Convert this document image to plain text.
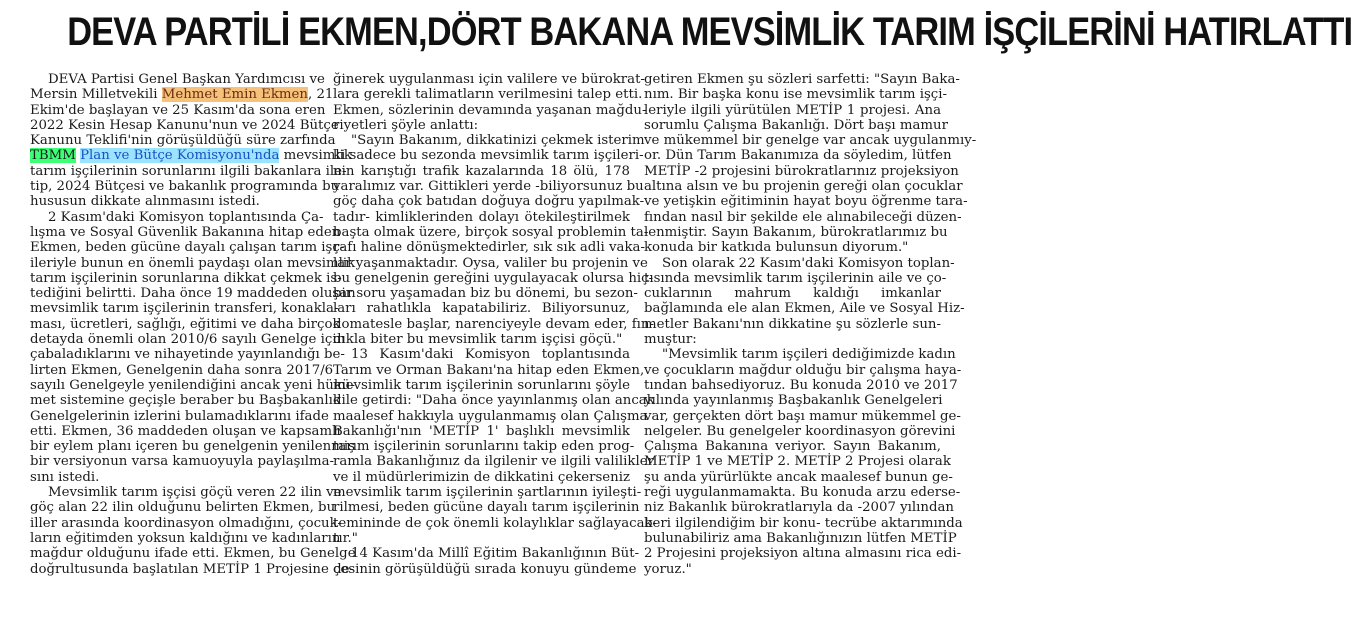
DEVA PARTİLİ EKMEN,DÖRT BAKANA MEVSİMLİK TARIM İŞÇİLERİNİ HATIRLATTI
DEVA Partisi Genel Başkan Yardımcısı ve
Mersin Milletvekili Mehmet Emin Ekmen, 21
Ekim'de başlayan ve 25 Kasım'da sona eren
2022 Kesin Hesap Kanunu'nun ve 2024 Bütçe
Kanunu Teklifi'nin görüşüldüğü süre zarfında
TBMM Plan ve Bütçe Komisyonu'nda mevsimlik
tarım işçilerinin sorunlarını ilgili bakanlara ile-
tip, 2024 Bütçesi ve bakanlık programında bu
hususun dikkate alınmasını istedi.
2 Kasım'daki Komisyon toplantısında Ça-
lışma ve Sosyal Güvenlik Bakanına hitap eden
Ekmen, beden gücüne dayalı çalışan tarım işç-
ileriyle bunun en önemli paydaşı olan mevsimlik
tarım işçilerinin sorunlarına dikkat çekmek is-
tediğini belirtti. Daha önce 19 maddeden oluşan
mevsimlik tarım işçilerinin transferi, konakla-
ması, ücretleri, sağlığı, eğitimi ve daha birçok
detayda önemli olan 2010/6 sayılı Genelge için
çabaladıklarını ve nihayetinde yayınlandığı be-
lirten Ekmen, Genelgenin daha sonra 2017/6
sayılı Genelgeyle yenilendiğini ancak yeni hükü-
met sistemine geçişle beraber bu Başbakanlık
Genelgelerinin izlerini bulamadıklarını ifade
etti. Ekmen, 36 maddeden oluşan ve kapsamlı
bir eylem planı içeren bu genelgenin yenilenmiş
bir versiyonun varsa kamuoyuyla paylaşılma-
sını istedi.
Mevsimlik tarım işçisi göçü veren 22 ilin ve
göç alan 22 ilin olduğunu belirten Ekmen, bu
iller arasında koordinasyon olmadığını, çocuk-
ların eğitimden yoksun kaldığını ve kadınların
mağdur olduğunu ifade etti. Ekmen, bu Genelge
doğrultusunda başlatılan METİP 1 Projesine de-
ğinerek uygulanması için valilere ve bürokrat-
lara gerekli talimatların verilmesini talep etti.
Ekmen, sözlerinin devamında yaşanan mağdu-
riyetleri şöyle anlattı:
"Sayın Bakanım, dikkatinizi çekmek isterim
ki sadece bu sezonda mevsimlik tarım işçileri-
nin karıştığı trafik kazalarında 18 ölü, 178
yaralımız var. Gittikleri yerde -biliyorsunuz bu
göç daha çok batıdan doğuya doğru yapılmak-
tadır- kimliklerinden dolayı ötekileştirilmek
başta olmak üzere, birçok sosyal problemin ta-
rafı haline dönüşmektedirler, sık sık adli vaka-
lar yaşanmaktadır. Oysa, valiler bu projenin ve
bu genelgenin gereğini uygulayacak olursa hiç-
bir soru yaşamadan biz bu dönemi, bu sezon-
ları rahatlıkla kapatabiliriz. Biliyorsunuz,
domatesle başlar, narenciyeyle devam eder, fın-
dıkla biter bu mevsimlik tarım işçisi göçü."
13 Kasım'daki Komisyon toplantısında
Tarım ve Orman Bakanı'na hitap eden Ekmen,
mevsimlik tarım işçilerinin sorunlarını şöyle
dile getirdi: "Daha önce yayınlanmış olan ancak
maalesef hakkıyla uygulanmamış olan Çalışma
Bakanlığı'nın 'METİP 1' başlıklı mevsimlik
tarım işçilerinin sorunlarını takip eden prog-
ramla Bakanlığınız da ilgilenir ve ilgili valilikler
ve il müdürlerimizin de dikkatini çekerseniz
mevsimlik tarım işçilerinin şartlarının iyileşti-
rilmesi, beden gücüne dayalı tarım işçilerinin
temininde de çok önemli kolaylıklar sağlayacak-
tır."
14 Kasım'da Millî Eğitim Bakanlığının Büt-
çesinin görüşüldüğü sırada konuyu gündeme
getiren Ekmen şu sözleri sarfetti: "Sayın Baka-
nım. Bir başka konu ise mevsimlik tarım işçi-
leriyle ilgili yürütülen METİP 1 projesi. Ana
sorumlu Çalışma Bakanlığı. Dört başı mamur
ve mükemmel bir genelge var ancak uygulanmıy-
or. Dün Tarım Bakanımıza da söyledim, lütfen
METİP -2 projesini bürokratlarınız projeksiyon
altına alsın ve bu projenin gereği olan çocuklar
ve yetişkin eğitiminin hayat boyu öğrenme tara-
fından nasıl bir şekilde ele alınabileceği düzen-
lenmiştir. Sayın Bakanım, bürokratlarımız bu
konuda bir katkıda bulunsun diyorum."
Son olarak 22 Kasım'daki Komisyon toplan-
tısında mevsimlik tarım işçilerinin aile ve ço-
cuklarının mahrum kaldığı imkanlar
bağlamında ele alan Ekmen, Aile ve Sosyal Hiz-
metler Bakanı'nın dikkatine şu sözlerle sun-
muştur:
"Mevsimlik tarım işçileri dediğimizde kadın
ve çocukların mağdur olduğu bir çalışma haya-
tından bahsediyoruz. Bu konuda 2010 ve 2017
yılında yayınlanmış Başbakanlık Genelgeleri
var, gerçekten dört başı mamur mükemmel ge-
nelgeler. Bu genelgeler koordinasyon görevini
Çalışma Bakanına veriyor. Sayın Bakanım,
METİP 1 ve METİP 2. METİP 2 Projesi olarak
şu anda yürürlükte ancak maalesef bunun ge-
reği uygulanmamakta. Bu konuda arzu ederse-
niz Bakanlık bürokratlarıyla da -2007 yılından
beri ilgilendiğim bir konu- tecrübe aktarımında
bulunabiliriz ama Bakanlığınızın lütfen METİP
2 Projesini projeksiyon altına almasını rica edi-
yoruz."
